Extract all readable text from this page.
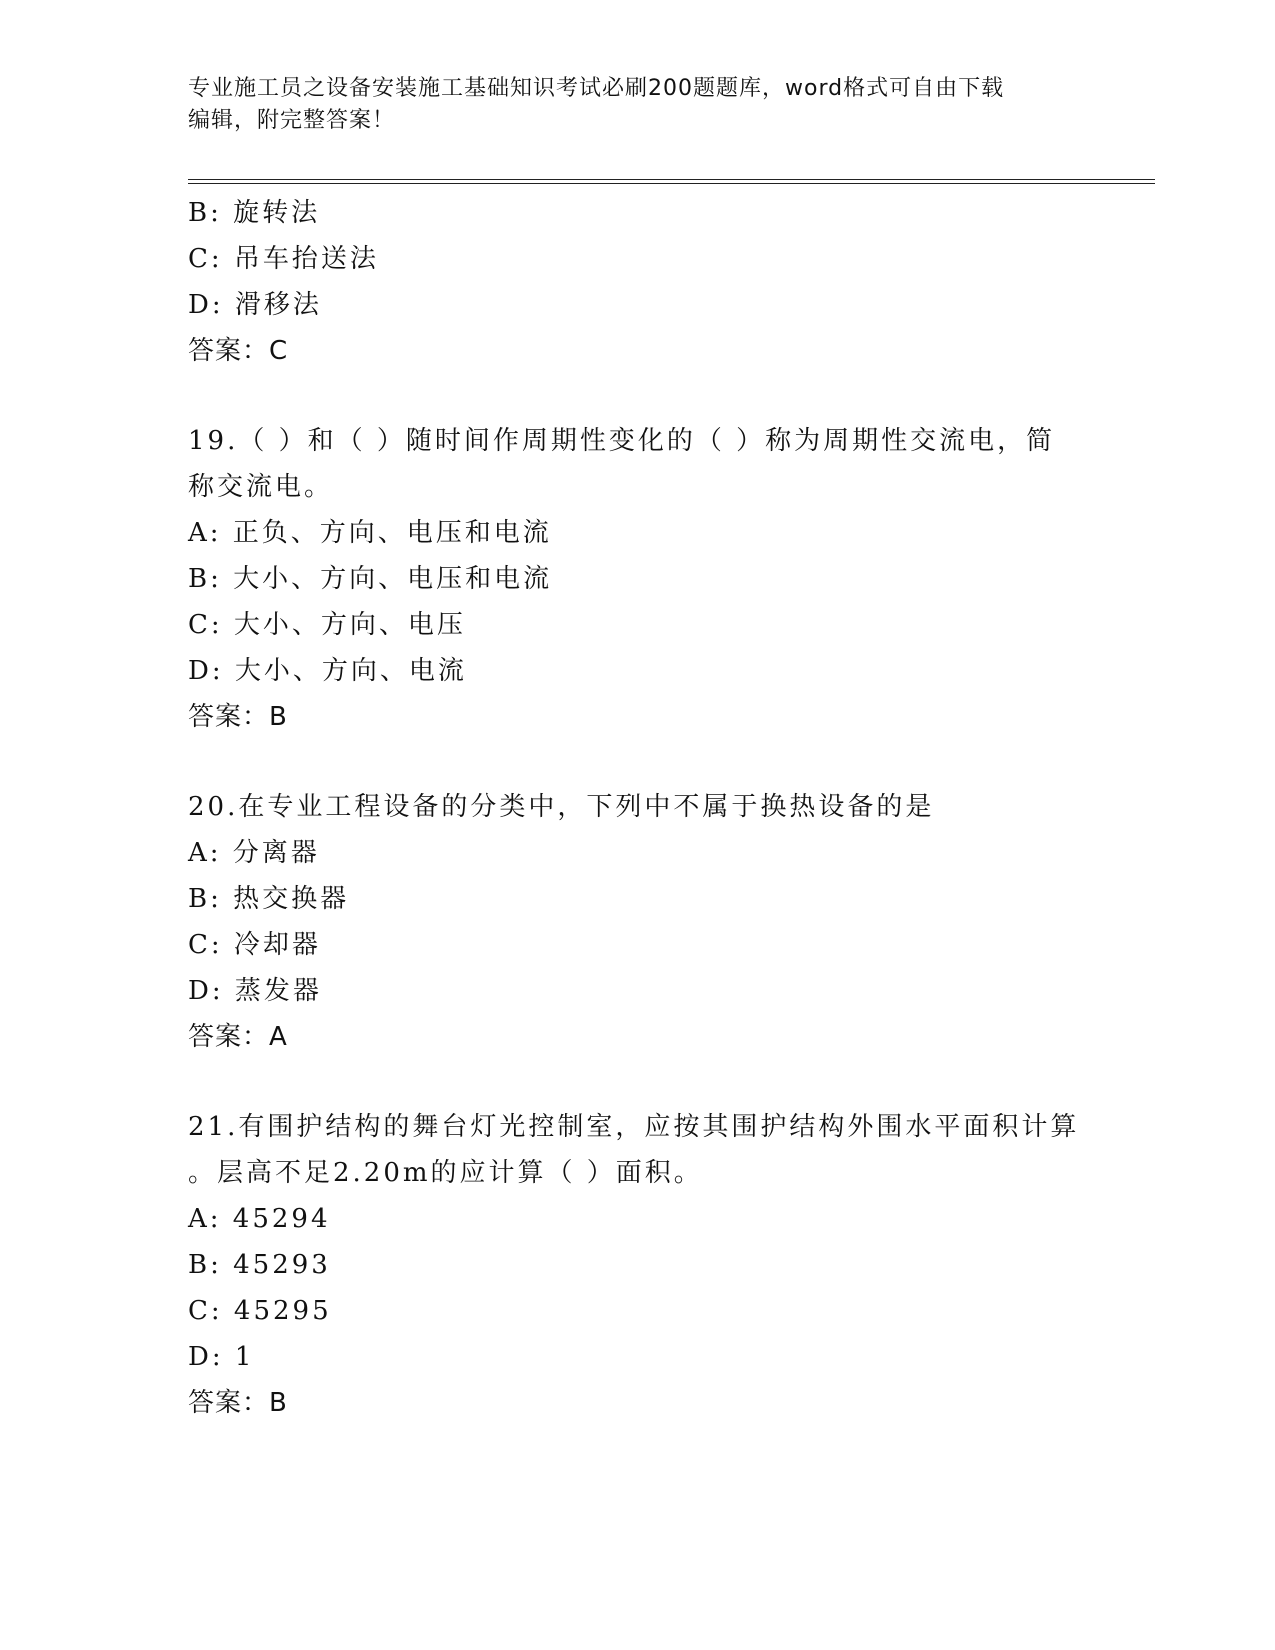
专业施工员之设备安装施工基础知识考试必刷200题题库，word格式可自由下载
编辑，附完整答案！
B: 旋转法
C: 吊车抬送法
D: 滑移法
答案：C
19.（ ）和（ ）随时间作周期性变化的（ ）称为周期性交流电，简
称交流电。
A: 正负、方向、电压和电流
B: 大小、方向、电压和电流
C: 大小、方向、电压
D: 大小、方向、电流
答案：B
20.在专业工程设备的分类中，下列中不属于换热设备的是
A: 分离器
B: 热交换器
C: 冷却器
D: 蒸发器
答案：A
21.有围护结构的舞台灯光控制室，应按其围护结构外围水平面积计算
。层高不足2.20m的应计算（ ）面积。
A: 45294
B: 45293
C: 45295
D: 1
答案：B
